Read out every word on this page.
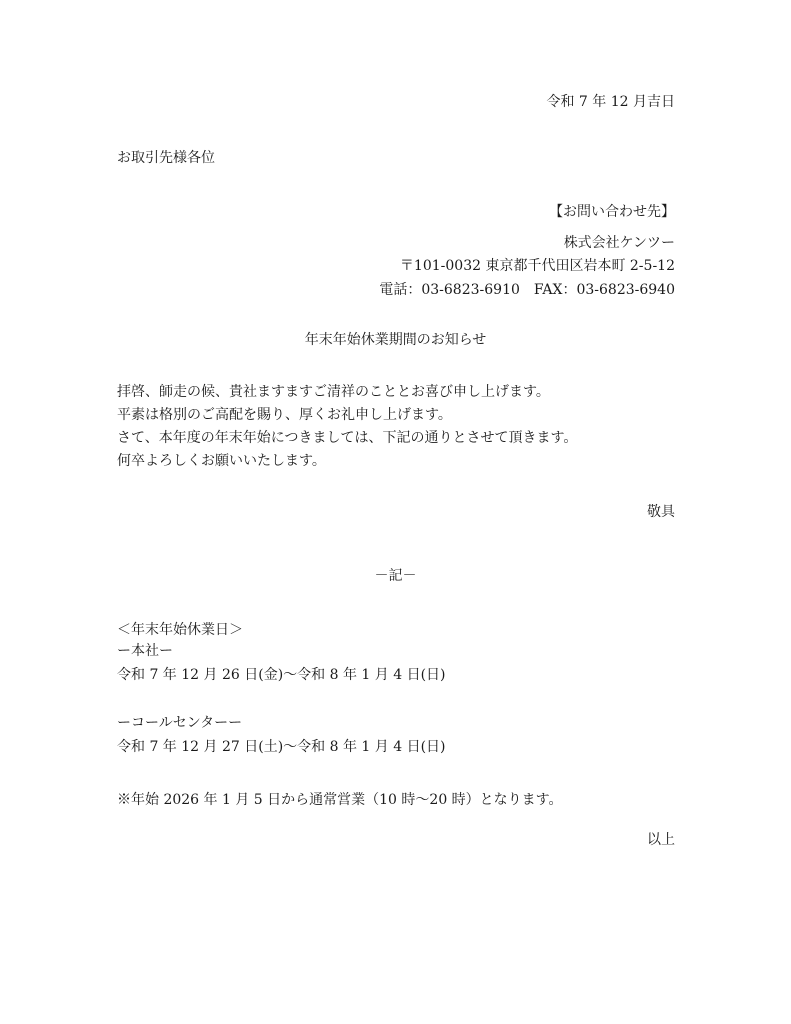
令和 7 年 12 月吉日
お取引先様各位
【お問い合わせ先】
株式会社ケンツー
〒101-0032 東京都千代田区岩本町 2-5-12
電話：03-6823-6910　FAX：03-6823-6940
年末年始休業期間のお知らせ
拝啓、師走の候、貴社ますますご清祥のこととお喜び申し上げます。
平素は格別のご高配を賜り、厚くお礼申し上げます。
さて、本年度の年末年始につきましては、下記の通りとさせて頂きます。
何卒よろしくお願いいたします。
敬具
－記－
＜年末年始休業日＞
ー本社ー
令和 7 年 12 月 26 日(金)～令和 8 年 1 月 4 日(日)
ーコールセンターー
令和 7 年 12 月 27 日(土)～令和 8 年 1 月 4 日(日)
※年始 2026 年 1 月 5 日から通常営業（10 時～20 時）となります。
以上
